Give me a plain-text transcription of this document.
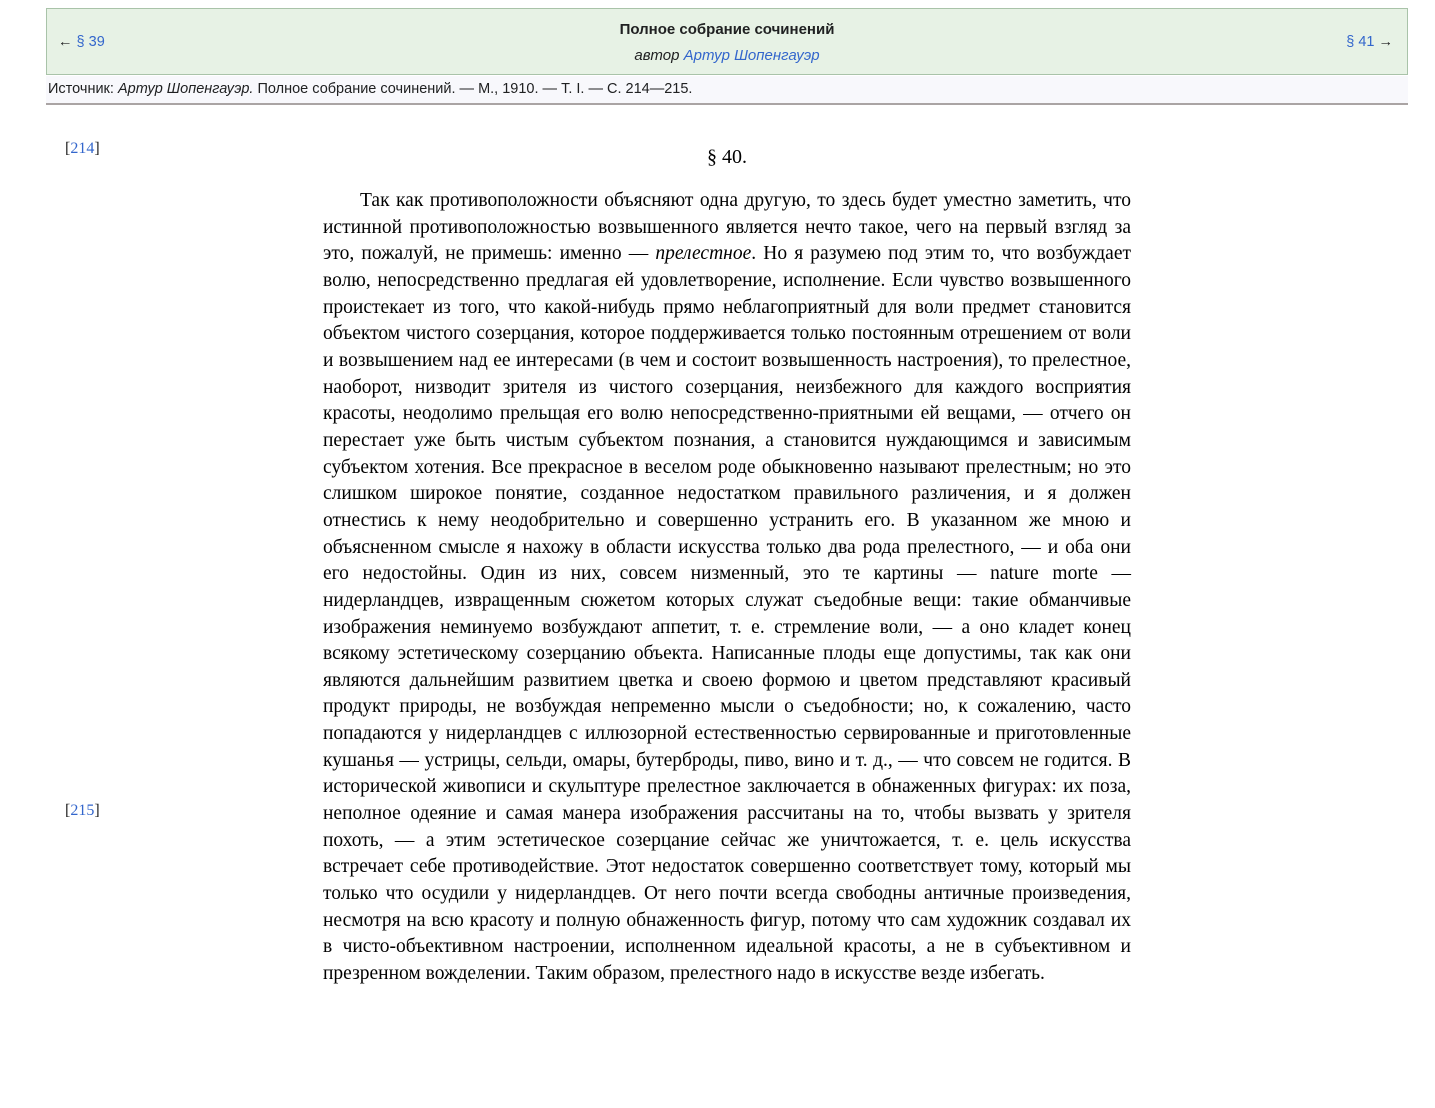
← § 39
Полное собрание сочинений
автор Артур Шопенгауэр
§ 41 →
Источник: Артур Шопенгауэр. Полное собрание сочинений. — М., 1910. — Т. I. — С. 214—215.
[214]
[215]
§ 40.

Так как противоположности объясняют одна другую, то здесь будет уместно заметить, что истинной противоположностью возвышенного является нечто такое, чего на первый взгляд за это, пожалуй, не примешь: именно — прелестное. Но я разумею под этим то, что возбуждает волю, непосредственно предлагая ей удовлетворение, исполнение. Если чувство возвышенного проистекает из того, что какой-нибудь прямо неблагоприятный для воли предмет становится объектом чистого созерцания, которое поддерживается только постоянным отрешением от воли и возвышением над ее интересами (в чем и состоит возвышенность настроения), то прелестное, наоборот, низводит зрителя из чистого созерцания, неизбежного для каждого восприятия красоты, неодолимо прельщая его волю непосредственно-приятными ей вещами, — отчего он перестает уже быть чистым субъектом познания, а становится нуждающимся и зависимым субъектом хотения. Все прекрасное в веселом роде обыкновенно называют прелестным; но это слишком широкое понятие, созданное недостатком правильного различения, и я должен отнестись к нему неодобрительно и совершенно устранить его. В указанном же мною и объясненном смысле я нахожу в области искусства только два рода прелестного, — и оба они его недостойны. Один из них, совсем низменный, это те картины — nature morte — нидерландцев, извращенным сюжетом которых служат съедобные вещи: такие обманчивые изображения неминуемо возбуждают аппетит, т. е. стремление воли, — а оно кладет конец всякому эстетическому созерцанию объекта. Написанные плоды еще допустимы, так как они являются дальнейшим развитием цветка и своею формою и цветом представляют красивый продукт природы, не возбуждая непременно мысли о съедобности; но, к сожалению, часто попадаются у нидерландцев с иллюзорной естественностью сервированные и приготовленные кушанья — устрицы, сельди, омары, бутерброды, пиво, вино и т. д., — что совсем не годится. В исторической живописи и скульптуре прелестное заключается в обнаженных фигурах: их поза, неполное одеяние и самая манера изображения рассчитаны на то, чтобы вызвать у зрителя похоть, — а этим эстетическое созерцание сейчас же уничтожается, т. е. цель искусства встречает себе противодействие. Этот недостаток совершенно соответствует тому, который мы только что осудили у нидерландцев. От него почти всегда свободны античные произведения, несмотря на всю красоту и полную обнаженность фигур, потому что сам художник создавал их в чисто-объективном настроении, исполненном идеальной красоты, а не в субъективном и презренном вожделении. Таким образом, прелестного надо в искусстве везде избегать.
